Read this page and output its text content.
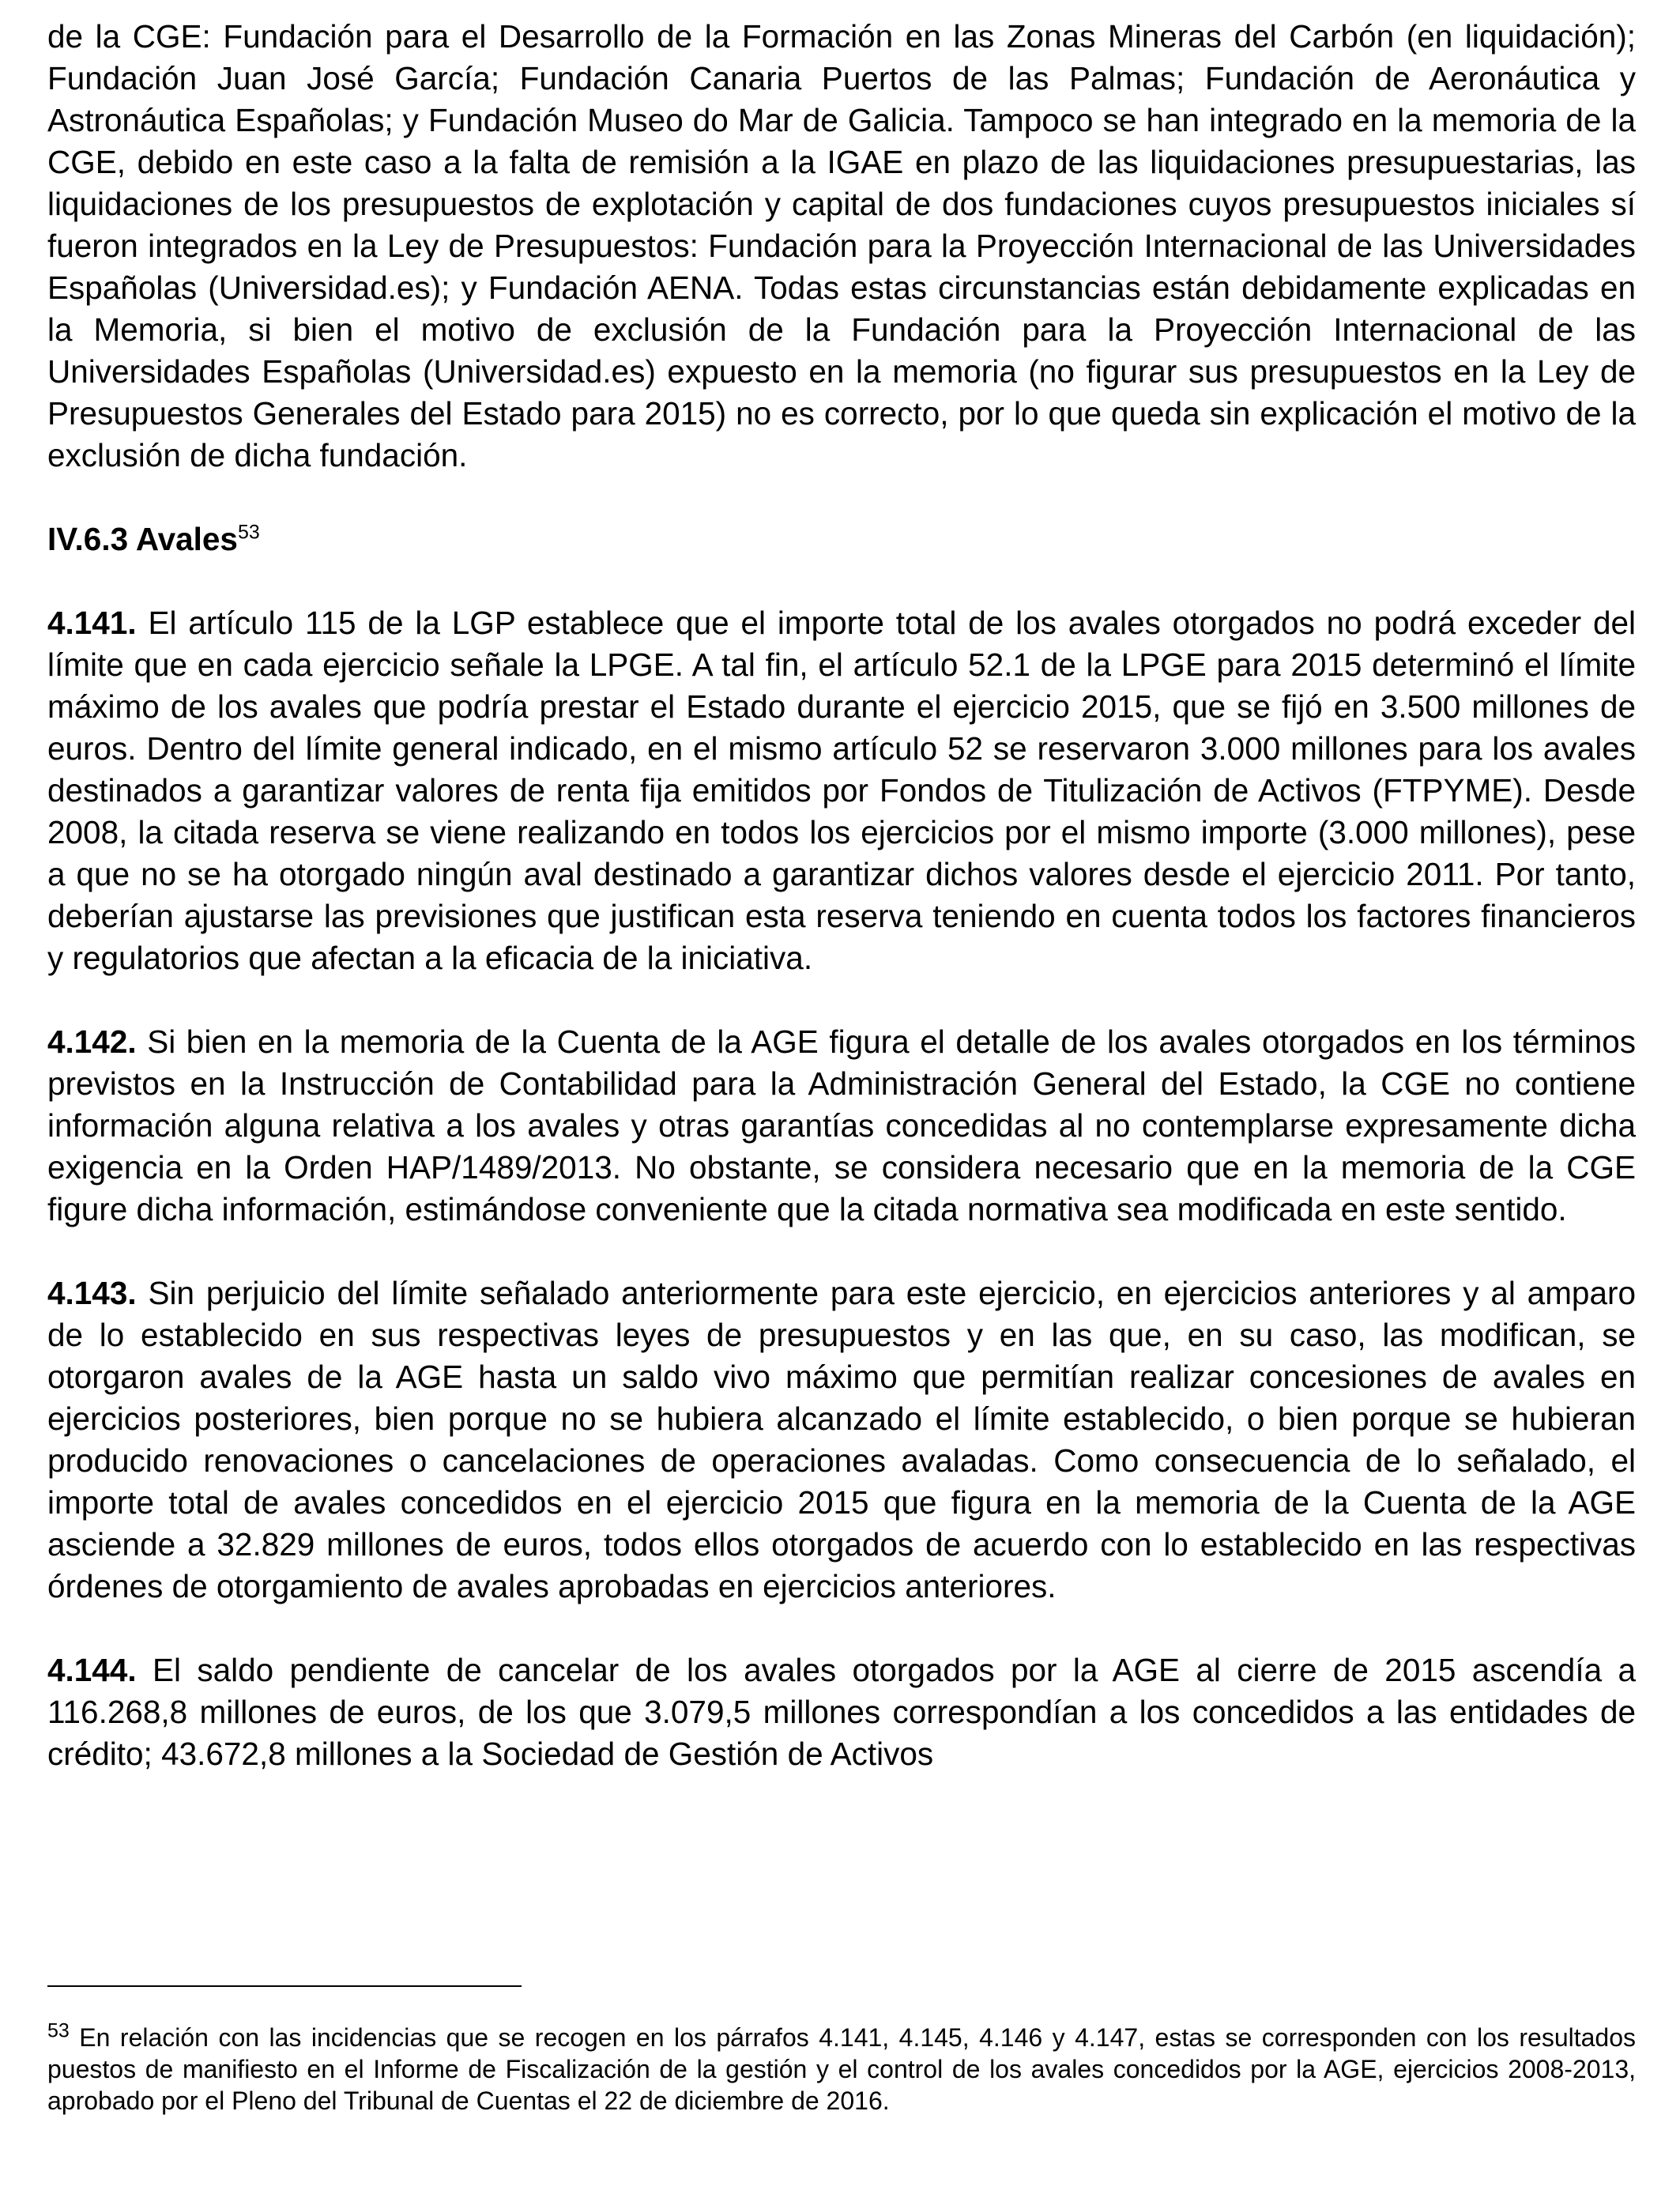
de la CGE: Fundación para el Desarrollo de la Formación en las Zonas Mineras del Carbón (en liquidación); Fundación Juan José García; Fundación Canaria Puertos de las Palmas; Fundación de Aeronáutica y Astronáutica Españolas; y Fundación Museo do Mar de Galicia. Tampoco se han integrado en la memoria de la CGE, debido en este caso a la falta de remisión a la IGAE en plazo de las liquidaciones presupuestarias, las liquidaciones de los presupuestos de explotación y capital de dos fundaciones cuyos presupuestos iniciales sí fueron integrados en la Ley de Presupuestos: Fundación para la Proyección Internacional de las Universidades Españolas (Universidad.es); y Fundación AENA. Todas estas circunstancias están debidamente explicadas en la Memoria, si bien el motivo de exclusión de la Fundación para la Proyección Internacional de las Universidades Españolas (Universidad.es) expuesto en la memoria (no figurar sus presupuestos en la Ley de Presupuestos Generales del Estado para 2015) no es correcto, por lo que queda sin explicación el motivo de la exclusión de dicha fundación.

IV.6.3 Avales$^{53}$

4.141. El artículo 115 de la LGP establece que el importe total de los avales otorgados no podrá exceder del límite que en cada ejercicio señale la LPGE. A tal fin, el artículo 52.1 de la LPGE para 2015 determinó el límite máximo de los avales que podría prestar el Estado durante el ejercicio 2015, que se fijó en 3.500 millones de euros. Dentro del límite general indicado, en el mismo artículo 52 se reservaron 3.000 millones para los avales destinados a garantizar valores de renta fija emitidos por Fondos de Titulización de Activos (FTPYME). Desde 2008, la citada reserva se viene realizando en todos los ejercicios por el mismo importe (3.000 millones), pese a que no se ha otorgado ningún aval destinado a garantizar dichos valores desde el ejercicio 2011. Por tanto, deberían ajustarse las previsiones que justifican esta reserva teniendo en cuenta todos los factores financieros y regulatorios que afectan a la eficacia de la iniciativa.

4.142. Si bien en la memoria de la Cuenta de la AGE figura el detalle de los avales otorgados en los términos previstos en la Instrucción de Contabilidad para la Administración General del Estado, la CGE no contiene información alguna relativa a los avales y otras garantías concedidas al no contemplarse expresamente dicha exigencia en la Orden HAP/1489/2013. No obstante, se considera necesario que en la memoria de la CGE figure dicha información, estimándose conveniente que la citada normativa sea modificada en este sentido.

4.143. Sin perjuicio del límite señalado anteriormente para este ejercicio, en ejercicios anteriores y al amparo de lo establecido en sus respectivas leyes de presupuestos y en las que, en su caso, las modifican, se otorgaron avales de la AGE hasta un saldo vivo máximo que permitían realizar concesiones de avales en ejercicios posteriores, bien porque no se hubiera alcanzado el límite establecido, o bien porque se hubieran producido renovaciones o cancelaciones de operaciones avaladas. Como consecuencia de lo señalado, el importe total de avales concedidos en el ejercicio 2015 que figura en la memoria de la Cuenta de la AGE asciende a 32.829 millones de euros, todos ellos otorgados de acuerdo con lo establecido en las respectivas órdenes de otorgamiento de avales aprobadas en ejercicios anteriores.

4.144. El saldo pendiente de cancelar de los avales otorgados por la AGE al cierre de 2015 ascendía a 116.268,8 millones de euros, de los que 3.079,5 millones correspondían a los concedidos a las entidades de crédito; 43.672,8 millones a la Sociedad de Gestión de Activos

$^{53}$ En relación con las incidencias que se recogen en los párrafos 4.141, 4.145, 4.146 y 4.147, estas se corresponden con los resultados puestos de manifiesto en el Informe de Fiscalización de la gestión y el control de los avales concedidos por la AGE, ejercicios 2008-2013, aprobado por el Pleno del Tribunal de Cuentas el 22 de diciembre de 2016.
